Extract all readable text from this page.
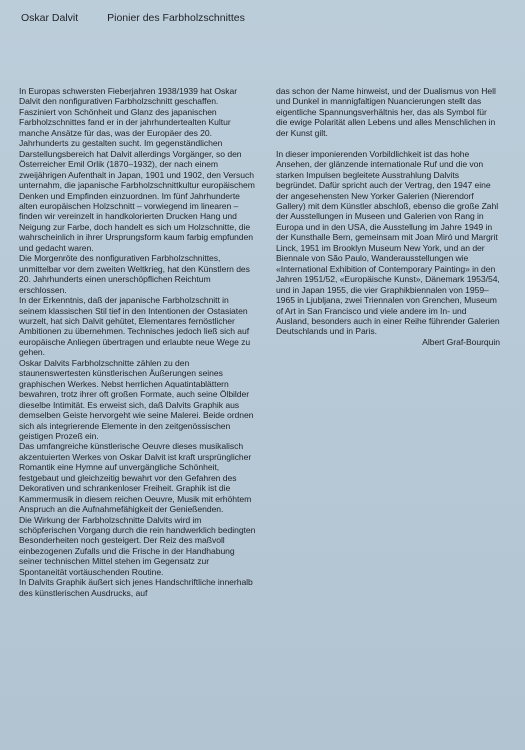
Oskar Dalvit	Pionier des Farbholzschnittes

In Europas schwersten Fieberjahren 1938/1939 hat Oskar Dalvit den nonfigurativen Farbholzschnitt geschaffen. Fasziniert von Schönheit und Glanz des japanischen Farbholzschnittes fand er in der jahrhundertealten Kultur manche Ansätze für das, was der Europäer des 20. Jahrhunderts zu gestalten sucht. Im gegenständlichen Darstellungsbereich hat Dalvit allerdings Vorgänger, so den Österreicher Emil Orlik (1870–1932), der nach einem zweijährigen Aufenthalt in Japan, 1901 und 1902, den Versuch unternahm, die japanische Farbholzschnittkultur europäischem Denken und Empfinden einzuordnen. Im fünf Jahrhunderte alten europäischen Holzschnitt – vorwiegend im linearen – finden wir vereinzelt in handkolorierten Drucken Hang und Neigung zur Farbe, doch handelt es sich um Holzschnitte, die wahrscheinlich in ihrer Ursprungsform kaum farbig empfunden und gedacht waren.

Die Morgenröte des nonfigurativen Farbholzschnittes, unmittelbar vor dem zweiten Weltkrieg, hat den Künstlern des 20. Jahrhunderts einen unerschöpflichen Reichtum erschlossen.

In der Erkenntnis, daß der japanische Farbholzschnitt in seinem klassischen Stil tief in den Intentionen der Ostasiaten wurzelt, hat sich Dalvit gehütet, Elementares fernöstlicher Ambitionen zu übernehmen. Technisches jedoch ließ sich auf europäische Anliegen übertragen und erlaubte neue Wege zu gehen.

Oskar Dalvits Farbholzschnitte zählen zu den staunenswertesten künstlerischen Äußerungen seines graphischen Werkes. Nebst herrlichen Aquatintablättern bewahren, trotz ihrer oft großen Formate, auch seine Ölbilder dieselbe Intimität. Es erweist sich, daß Dalvits Graphik aus demselben Geiste hervorgeht wie seine Malerei. Beide ordnen sich als integrierende Elemente in den zeitgenössischen geistigen Prozeß ein.

Das umfangreiche künstlerische Oeuvre dieses musikalisch akzentuierten Werkes von Oskar Dalvit ist kraft ursprünglicher Romantik eine Hymne auf unvergängliche Schönheit, festgebaut und gleichzeitig bewahrt vor den Gefahren des Dekorativen und schrankenloser Freiheit. Graphik ist die Kammermusik in diesem reichen Oeuvre, Musik mit erhöhtem Anspruch an die Aufnahmefähigkeit der Genießenden.

Die Wirkung der Farbholzschnitte Dalvits wird im schöpferischen Vorgang durch die rein handwerklich bedingten Besonderheiten noch gesteigert. Der Reiz des maßvoll einbezogenen Zufalls und die Frische in der Handhabung seiner technischen Mittel stehen im Gegensatz zur Spontaneität vortäuschenden Routine.

In Dalvits Graphik äußert sich jenes Handschriftliche innerhalb des künstlerischen Ausdrucks, auf

das schon der Name hinweist, und der Dualismus von Hell und Dunkel in mannigfaltigen Nuancierungen stellt das eigentliche Spannungsverhältnis her, das als Symbol für die ewige Polarität allen Lebens und alles Menschlichen in der Kunst gilt.

In dieser imponierenden Vorbildlichkeit ist das hohe Ansehen, der glänzende internationale Ruf und die von starken Impulsen begleitete Ausstrahlung Dalvits begründet. Dafür spricht auch der Vertrag, den 1947 eine der angesehensten New Yorker Galerien (Nierendorf Gallery) mit dem Künstler abschloß, ebenso die große Zahl der Ausstellungen in Museen und Galerien von Rang in Europa und in den USA, die Ausstellung im Jahre 1949 in der Kunsthalle Bern, gemeinsam mit Joan Miró und Margrit Linck, 1951 im Brooklyn Museum New York, und an der Biennale von São Paulo, Wanderausstellungen wie «International Exhibition of Contemporary Painting» in den Jahren 1951/52, «Europäische Kunst», Dänemark 1953/54, und in Japan 1955, die vier Graphikbiennalen von 1959–1965 in Ljubljana, zwei Triennalen von Grenchen, Museum of Art in San Francisco und viele andere im In- und Ausland, besonders auch in einer Reihe führender Galerien Deutschlands und in Paris.

Albert Graf-Bourquin
